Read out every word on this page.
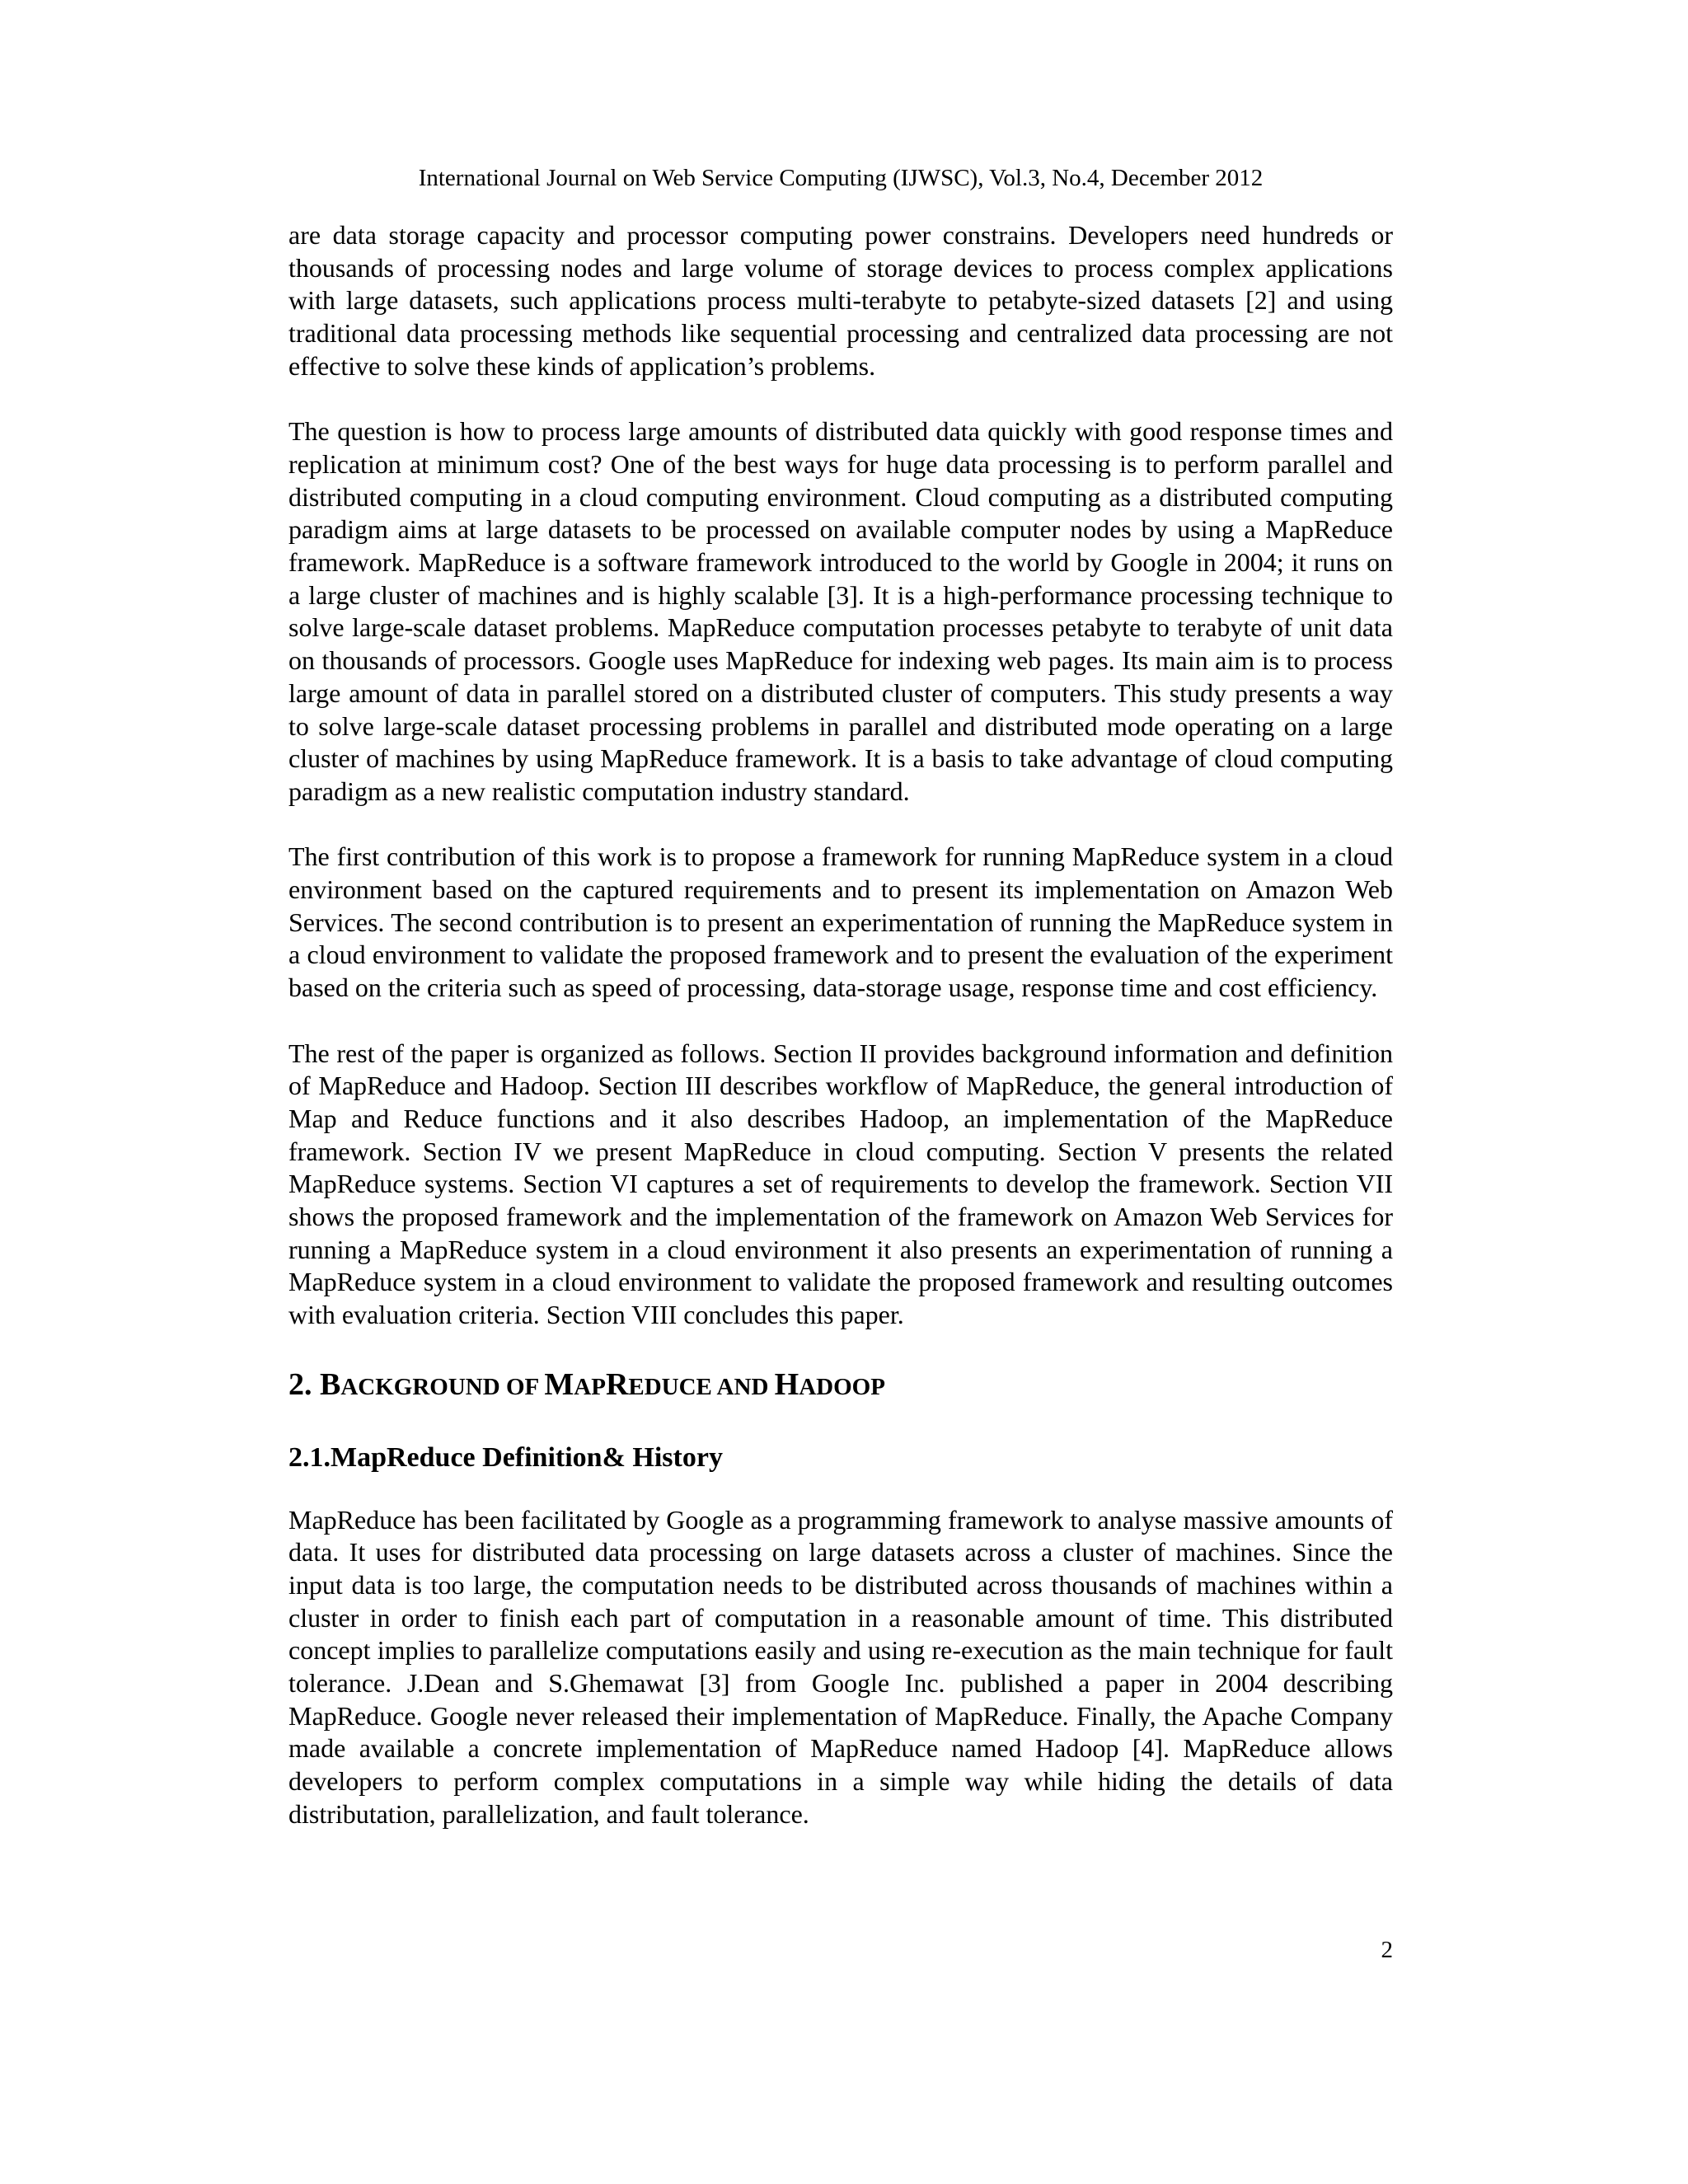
International Journal on Web Service Computing (IJWSC), Vol.3, No.4, December 2012

are data storage capacity and processor computing power constrains. Developers need hundreds or thousands of processing nodes and large volume of storage devices to process complex applications with large datasets, such applications process multi-terabyte to petabyte-sized datasets [2] and using traditional data processing methods like sequential processing and centralized data processing are not effective to solve these kinds of application’s problems.

The question is how to process large amounts of distributed data quickly with good response times and replication at minimum cost? One of the best ways for huge data processing is to perform parallel and distributed computing in a cloud computing environment. Cloud computing as a distributed computing paradigm aims at large datasets to be processed on available computer nodes by using a MapReduce framework. MapReduce is a software framework introduced to the world by Google in 2004; it runs on a large cluster of machines and is highly scalable [3]. It is a high-performance processing technique to solve large-scale dataset problems. MapReduce computation processes petabyte to terabyte of unit data on thousands of processors. Google uses MapReduce for indexing web pages. Its main aim is to process large amount of data in parallel stored on a distributed cluster of computers. This study presents a way to solve large-scale dataset processing problems in parallel and distributed mode operating on a large cluster of machines by using MapReduce framework. It is a basis to take advantage of cloud computing paradigm as a new realistic computation industry standard.

The first contribution of this work is to propose a framework for running MapReduce system in a cloud environment based on the captured requirements and to present its implementation on Amazon Web Services. The second contribution is to present an experimentation of running the MapReduce system in a cloud environment to validate the proposed framework and to present the evaluation of the experiment based on the criteria such as speed of processing, data-storage usage, response time and cost efficiency.

The rest of the paper is organized as follows. Section II provides background information and definition of MapReduce and Hadoop. Section III describes workflow of MapReduce, the general introduction of Map and Reduce functions and it also describes Hadoop, an implementation of the MapReduce framework. Section IV we present MapReduce in cloud computing. Section V presents the related MapReduce systems. Section VI captures a set of requirements to develop the framework. Section VII shows the proposed framework and the implementation of the framework on Amazon Web Services for running a MapReduce system in a cloud environment it also presents an experimentation of running a MapReduce system in a cloud environment to validate the proposed framework and resulting outcomes with evaluation criteria. Section VIII concludes this paper.

2. BACKGROUND OF MAPREDUCE AND HADOOP
2.1.MapReduce Definition& History

MapReduce has been facilitated by Google as a programming framework to analyse massive amounts of data. It uses for distributed data processing on large datasets across a cluster of machines. Since the input data is too large, the computation needs to be distributed across thousands of machines within a cluster in order to finish each part of computation in a reasonable amount of time. This distributed concept implies to parallelize computations easily and using re-execution as the main technique for fault tolerance. J.Dean and S.Ghemawat [3] from Google Inc. published a paper in 2004 describing MapReduce. Google never released their implementation of MapReduce. Finally, the Apache Company made available a concrete implementation of MapReduce named Hadoop [4]. MapReduce allows developers to perform complex computations in a simple way while hiding the details of data distributation, parallelization, and fault tolerance.

2
